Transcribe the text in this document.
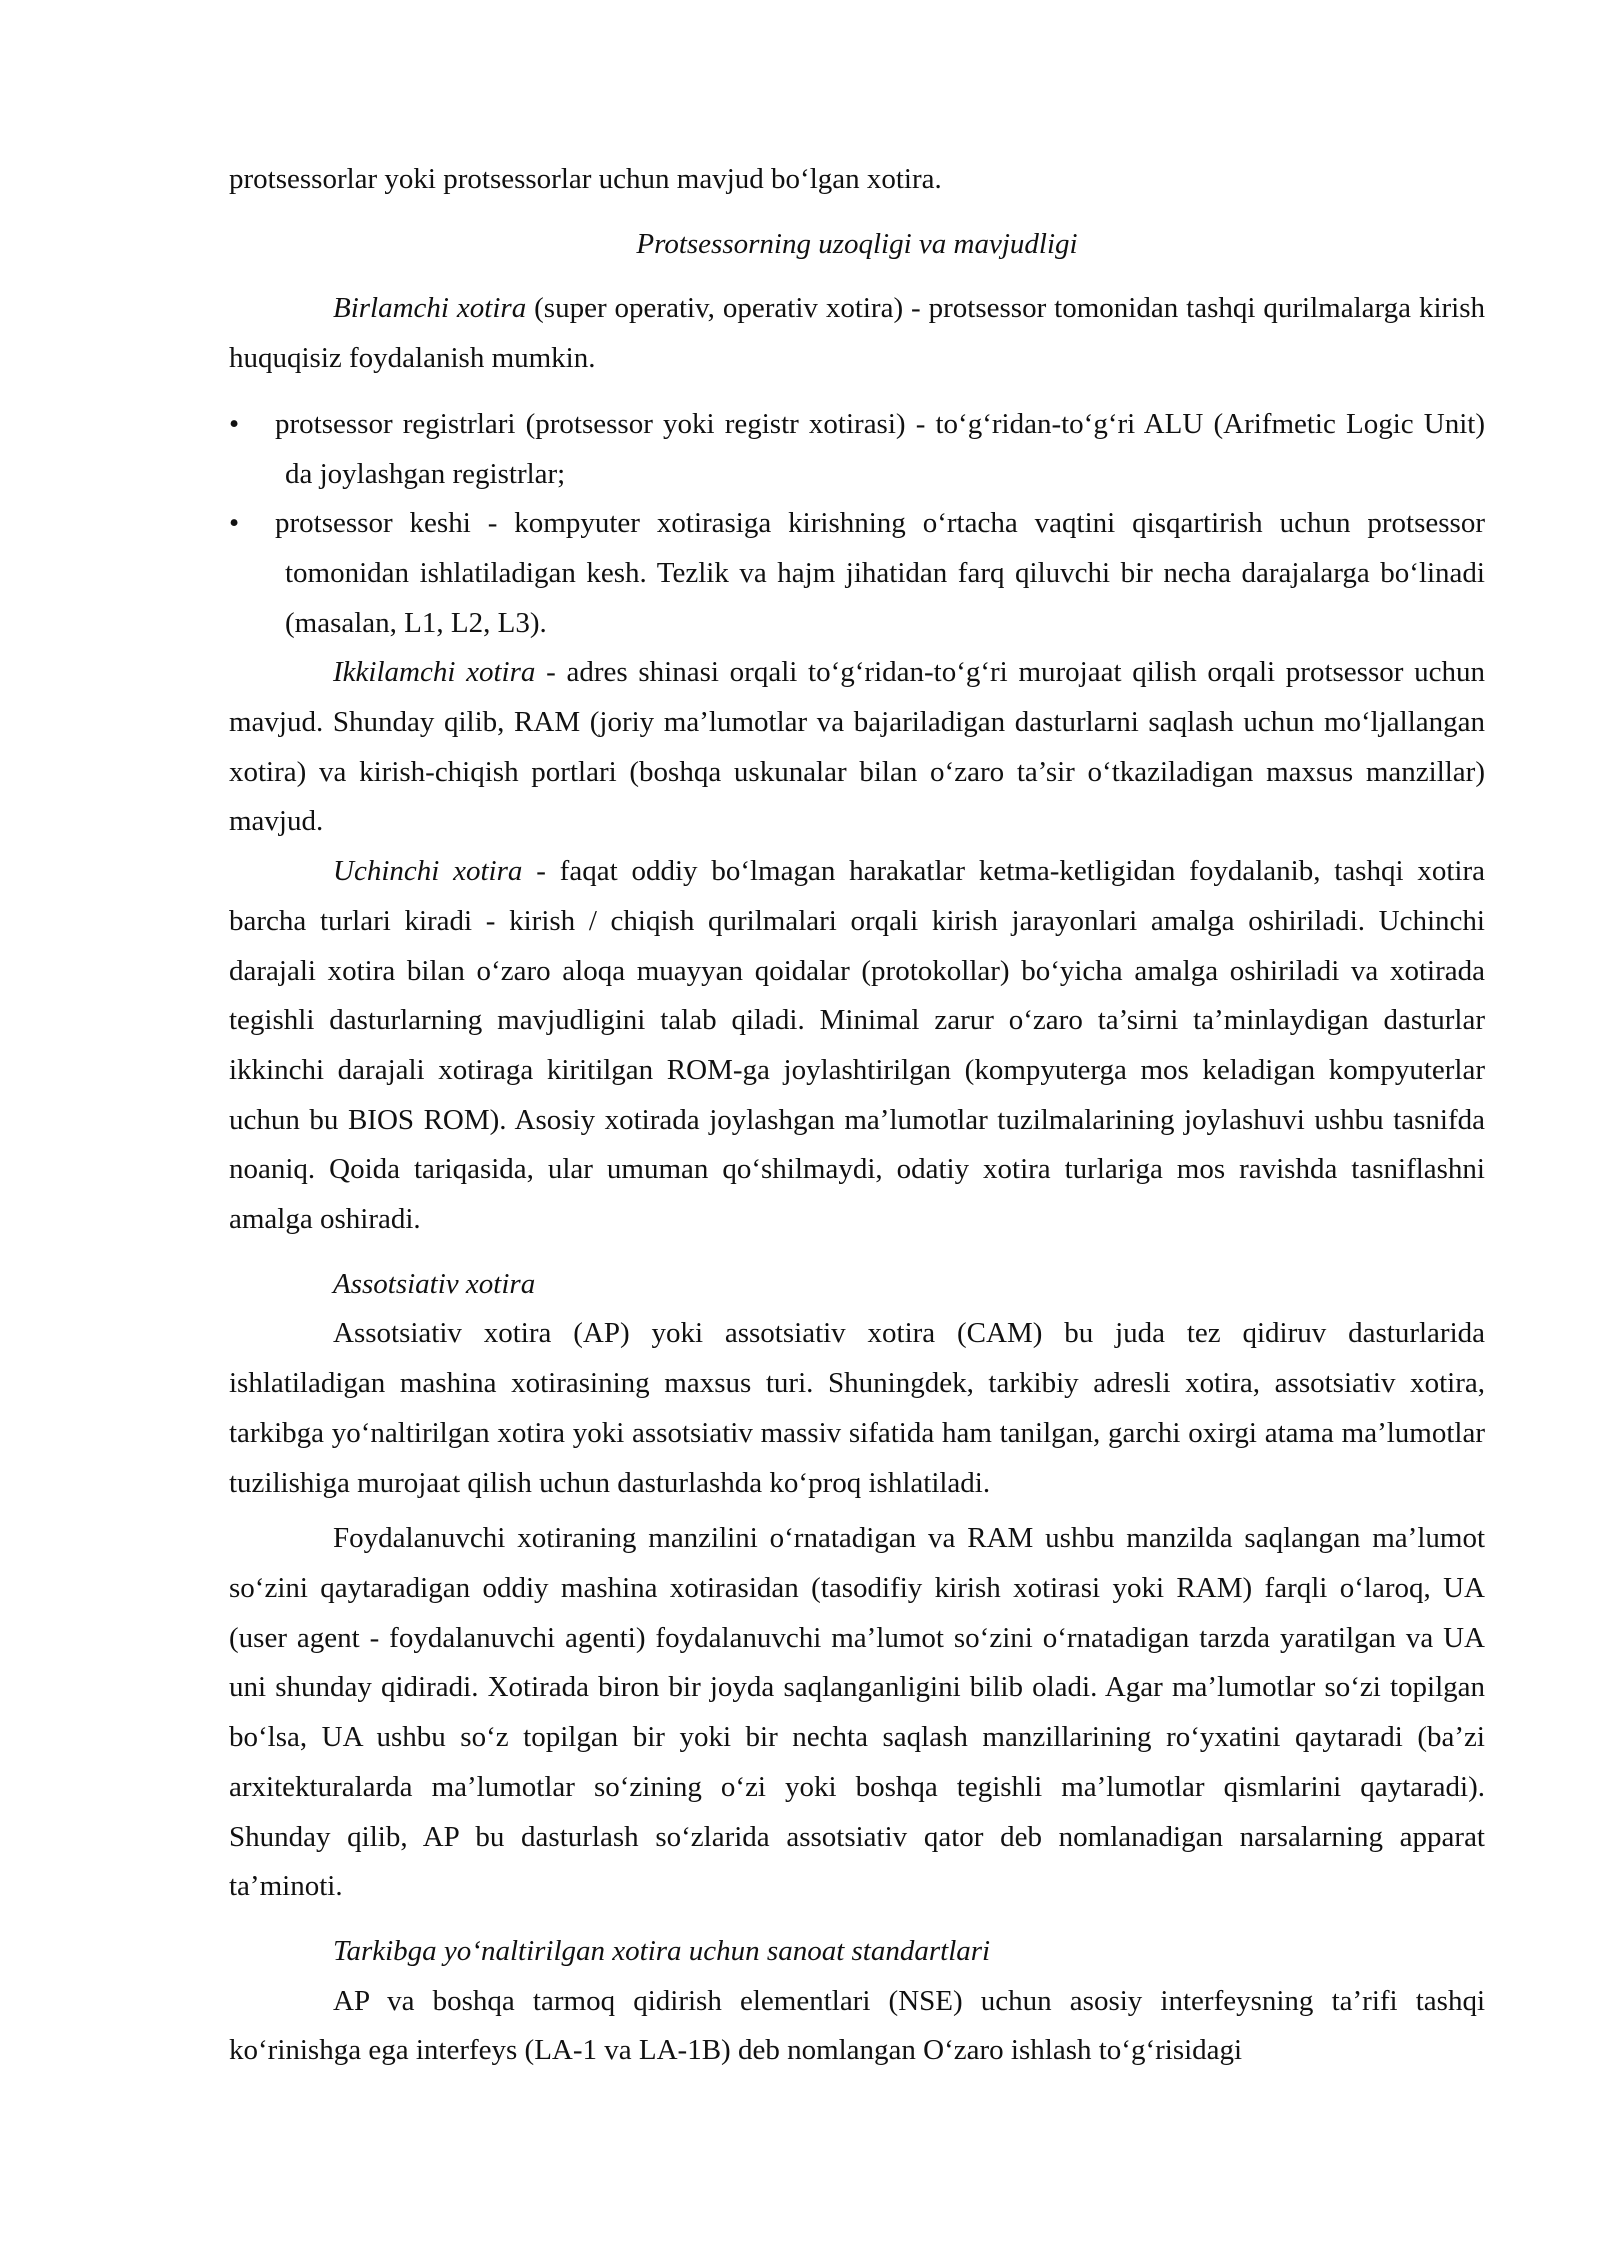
protsessorlar yoki protsessorlar uchun mavjud bo‘lgan xotira.

Protsessorning uzoqligi va mavjudligi

Birlamchi xotira (super operativ, operativ xotira) - protsessor tomonidan tashqi qurilmalarga kirish huquqisiz foydalanish mumkin.

• protsessor registrlari (protsessor yoki registr xotirasi) - to‘g‘ridan-to‘g‘ri ALU (Arifmetic Logic Unit) da joylashgan registrlar;
• protsessor keshi - kompyuter xotirasiga kirishning o‘rtacha vaqtini qisqartirish uchun protsessor tomonidan ishlatiladigan kesh. Tezlik va hajm jihatidan farq qiluvchi bir necha darajalarga bo‘linadi (masalan, L1, L2, L3).

Ikkilamchi xotira - adres shinasi orqali to‘g‘ridan-to‘g‘ri murojaat qilish orqali protsessor uchun mavjud. Shunday qilib, RAM (joriy ma’lumotlar va bajariladigan dasturlarni saqlash uchun mo‘ljallangan xotira) va kirish-chiqish portlari (boshqa uskunalar bilan o‘zaro ta’sir o‘tkaziladigan maxsus manzillar) mavjud.

Uchinchi xotira - faqat oddiy bo‘lmagan harakatlar ketma-ketligidan foydalanib, tashqi xotira barcha turlari kiradi - kirish / chiqish qurilmalari orqali kirish jarayonlari amalga oshiriladi. Uchinchi darajali xotira bilan o‘zaro aloqa muayyan qoidalar (protokollar) bo‘yicha amalga oshiriladi va xotirada tegishli dasturlarning mavjudligini talab qiladi. Minimal zarur o‘zaro ta’sirni ta’minlaydigan dasturlar ikkinchi darajali xotiraga kiritilgan ROM-ga joylashtirilgan (kompyuterga mos keladigan kompyuterlar uchun bu BIOS ROM). Asosiy xotirada joylashgan ma’lumotlar tuzilmalarining joylashuvi ushbu tasnifda noaniq. Qoida tariqasida, ular umuman qo‘shilmaydi, odatiy xotira turlariga mos ravishda tasniflashni amalga oshiradi.

Assotsiativ xotira

Assotsiativ xotira (AP) yoki assotsiativ xotira (CAM) bu juda tez qidiruv dasturlarida ishlatiladigan mashina xotirasining maxsus turi. Shuningdek, tarkibiy adresli xotira, assotsiativ xotira, tarkibga yo‘naltirilgan xotira yoki assotsiativ massiv sifatida ham tanilgan, garchi oxirgi atama ma’lumotlar tuzilishiga murojaat qilish uchun dasturlashda ko‘proq ishlatiladi.

Foydalanuvchi xotiraning manzilini o‘rnatadigan va RAM ushbu manzilda saqlangan ma’lumot so‘zini qaytaradigan oddiy mashina xotirasidan (tasodifiy kirish xotirasi yoki RAM) farqli o‘laroq, UA (user agent - foydalanuvchi agenti) foydalanuvchi ma’lumot so‘zini o‘rnatadigan tarzda yaratilgan va UA uni shunday qidiradi. Xotirada biron bir joyda saqlanganligini bilib oladi. Agar ma’lumotlar so‘zi topilgan bo‘lsa, UA ushbu so‘z topilgan bir yoki bir nechta saqlash manzillarining ro‘yxatini qaytaradi (ba’zi arxitekturalarda ma’lumotlar so‘zining o‘zi yoki boshqa tegishli ma’lumotlar qismlarini qaytaradi). Shunday qilib, AP bu dasturlash so‘zlarida assotsiativ qator deb nomlanadigan narsalarning apparat ta’minoti.

Tarkibga yo‘naltirilgan xotira uchun sanoat standartlari

AP va boshqa tarmoq qidirish elementlari (NSE) uchun asosiy interfeysning ta’rifi tashqi ko‘rinishga ega interfeys (LA-1 va LA-1B) deb nomlangan O‘zaro ishlash to‘g‘risidagi
